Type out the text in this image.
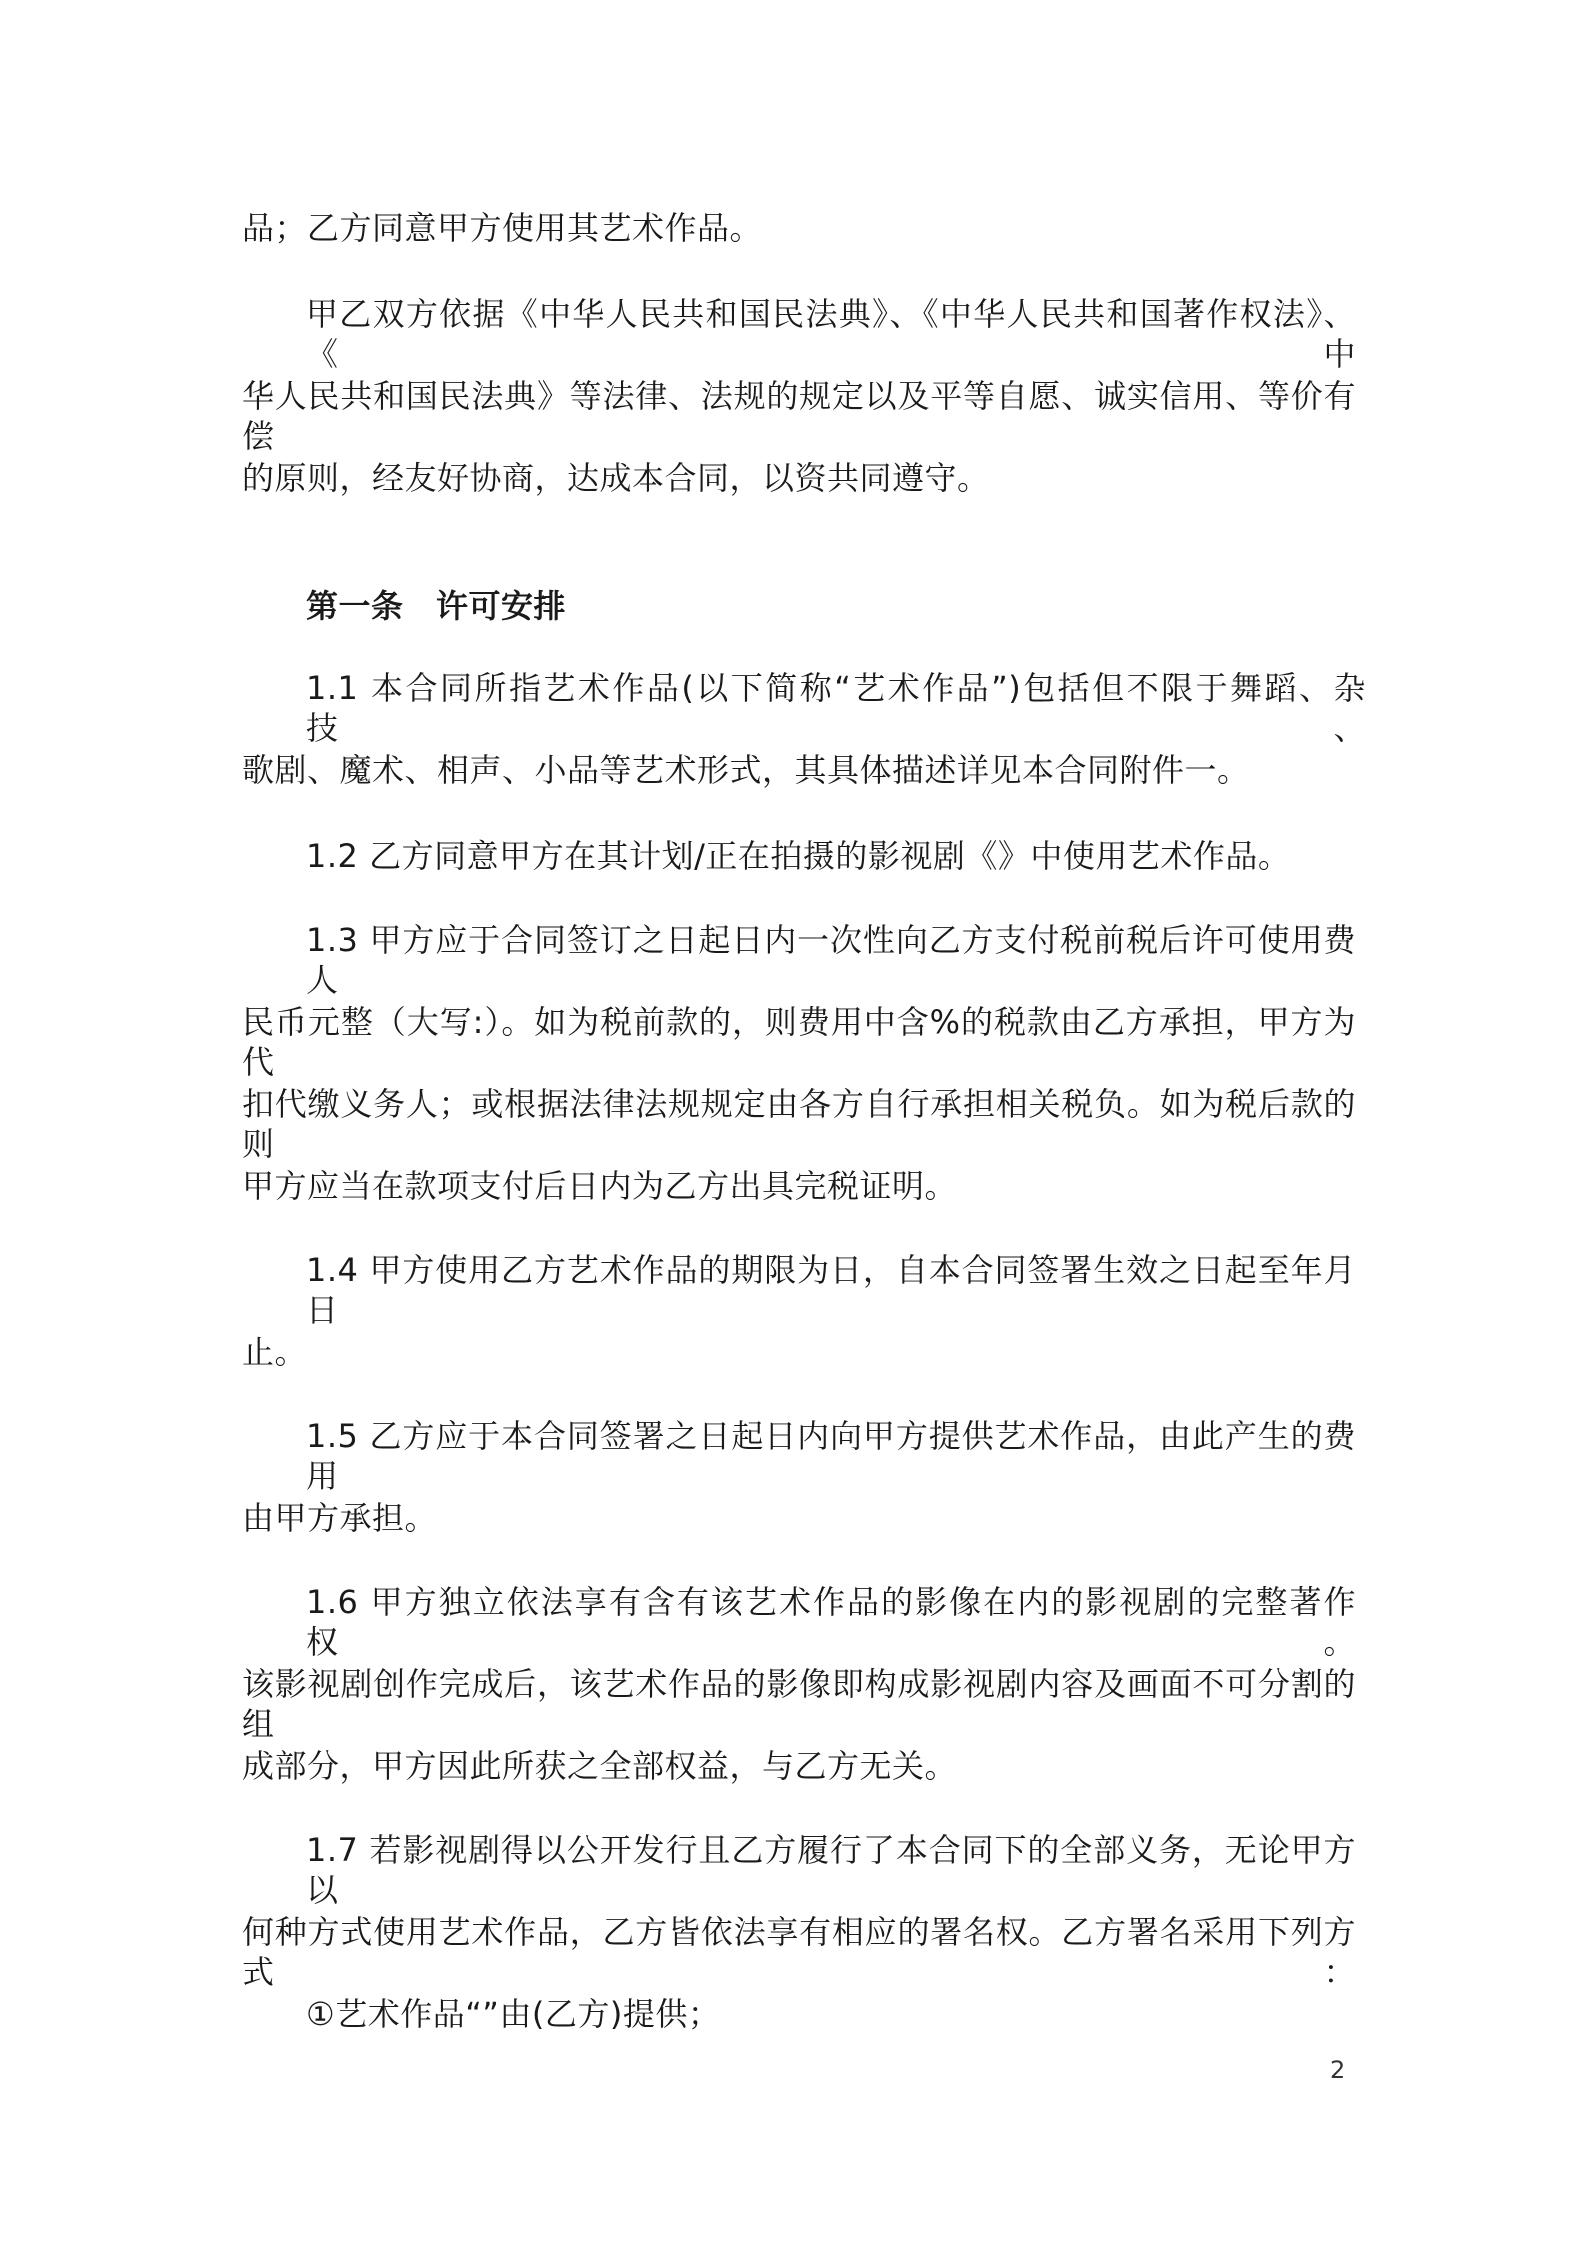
品；乙方同意甲方使用其艺术作品。
甲乙双方依据《中华人民共和国民法典》、《中华人民共和国著作权法》、《中
华人民共和国民法典》等法律、法规的规定以及平等自愿、诚实信用、等价有偿
的原则，经友好协商，达成本合同，以资共同遵守。
第一条　许可安排
1.1 本合同所指艺术作品(以下简称“艺术作品”)包括但不限于舞蹈、杂技、
歌剧、魔术、相声、小品等艺术形式，其具体描述详见本合同附件一。
1.2 乙方同意甲方在其计划/正在拍摄的影视剧《》中使用艺术作品。
1.3 甲方应于合同签订之日起日内一次性向乙方支付税前税后许可使用费人
民币元整（大写:）。如为税前款的，则费用中含%的税款由乙方承担，甲方为代
扣代缴义务人；或根据法律法规规定由各方自行承担相关税负。如为税后款的则
甲方应当在款项支付后日内为乙方出具完税证明。
1.4 甲方使用乙方艺术作品的期限为日，自本合同签署生效之日起至年月日
止。
1.5 乙方应于本合同签署之日起日内向甲方提供艺术作品，由此产生的费用
由甲方承担。
1.6 甲方独立依法享有含有该艺术作品的影像在内的影视剧的完整著作权。
该影视剧创作完成后，该艺术作品的影像即构成影视剧内容及画面不可分割的组
成部分，甲方因此所获之全部权益，与乙方无关。
1.7 若影视剧得以公开发行且乙方履行了本合同下的全部义务，无论甲方以
何种方式使用艺术作品，乙方皆依法享有相应的署名权。乙方署名采用下列方式：
①艺术作品“”由(乙方)提供；
2
